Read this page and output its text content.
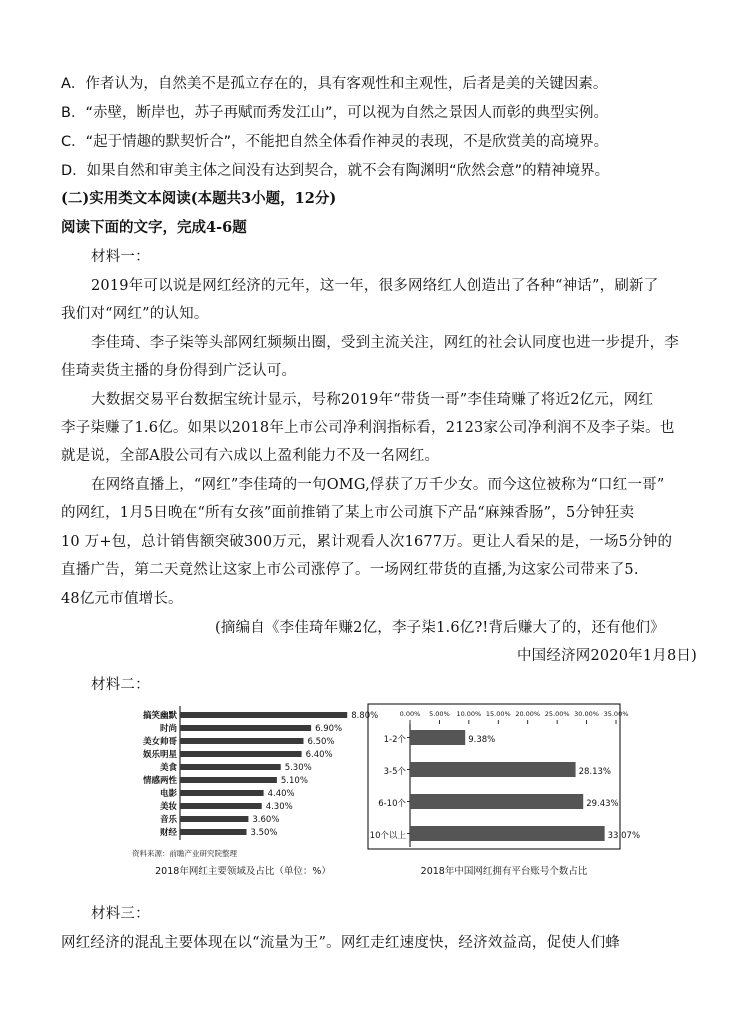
A．作者认为，自然美不是孤立存在的，具有客观性和主观性，后者是美的关键因素。
B．“赤壁，断岸也，苏子再赋而秀发江山”，可以视为自然之景因人而彰的典型实例。
C．“起于情趣的默契忻合”，不能把自然全体看作神灵的表现，不是欣赏美的高境界。
D．如果自然和审美主体之间没有达到契合，就不会有陶渊明“欣然会意”的精神境界。
(二)实用类文本阅读(本题共3小题，12分)
阅读下面的文字，完成4-6题
材料一：
2019年可以说是网红经济的元年，这一年，很多网络红人创造出了各种“神话”，刷新了
我们对“网红”的认知。
李佳琦、李子柒等头部网红频频出圈，受到主流关注，网红的社会认同度也进一步提升，李
佳琦卖货主播的身份得到广泛认可。
大数据交易平台数据宝统计显示，号称2019年“带货一哥”李佳琦赚了将近2亿元，网红
李子柒赚了1.6亿。如果以2018年上市公司净利润指标看，2123家公司净利润不及李子柒。也
就是说，全部A股公司有六成以上盈利能力不及一名网红。
在网络直播上，“网红”李佳琦的一句OMG,俘获了万千少女。而今这位被称为“口红一哥”
的网红，1月5日晚在“所有女孩”面前推销了某上市公司旗下产品“麻辣香肠”，5分钟狂卖
10 万+包，总计销售额突破300万元，累计观看人次1677万。更让人看呆的是，一场5分钟的
直播广告，第二天竟然让这家上市公司涨停了。一场网红带货的直播,为这家公司带来了5.
48亿元市值增长。
(摘编自《李佳琦年赚2亿，李子柒1.6亿?!背后赚大了的，还有他们》
中国经济网2020年1月8日)
材料二：
搞笑幽默	8.80%
时尚	6.90%
美女帅哥	6.50%
娱乐明星	6.40%
美食	5.30%
情感两性	5.10%
电影	4.40%
美妆	4.30%
音乐	3.60%
财经	3.50%
资料来源：前瞻产业研究院整理
2018年网红主要领域及占比（单位：%）
0.00% 5.00% 10.00% 15.00% 20.00% 25.00% 30.00% 35.00%
1-2个	9.38%
3-5个	28.13%
6-10个	29.43%
10个以上	33.07%
2018年中国网红拥有平台账号个数占比
材料三：
网红经济的混乱主要体现在以“流量为王”。网红走红速度快，经济效益高，促使人们蜂
